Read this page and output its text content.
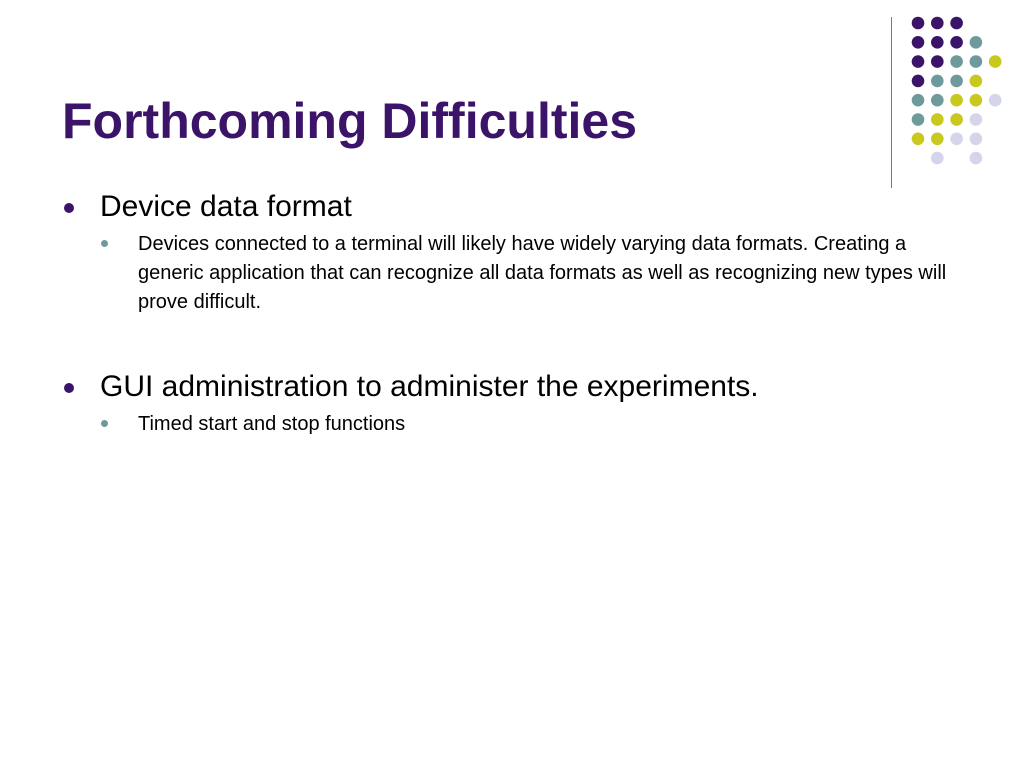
Forthcoming Difficulties
Device data format
Devices connected to a terminal will likely have widely varying data formats. Creating a generic application that can recognize all data formats as well as recognizing new types will prove difficult.
GUI administration to administer the experiments.
Timed start and stop functions
